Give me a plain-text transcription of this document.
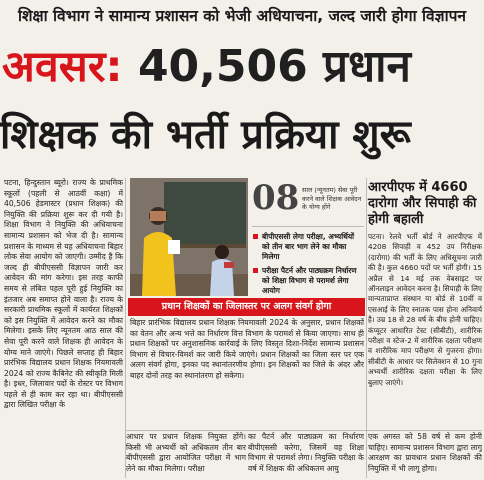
शिक्षा विभाग ने सामान्य प्रशासन को भेजी अधियाचना, जल्द जारी होगा विज्ञापन
अवसर: 40,506 प्रधान
शिक्षक की भर्ती प्रक्रिया शुरू
पटना, हिन्दुस्तान ब्यूरो। राज्य के प्राथमिक स्कूलों (पहली से आठवीं कक्षा) में 40,506 हेडमास्टर (प्रधान शिक्षक) की नियुक्ति की प्रक्रिया शुरू कर दी गयी है। शिक्षा विभाग ने नियुक्ति की अधियाचना सामान्य प्रशासन को भेज दी है। सामान्य प्रशासन के माध्यम से यह अधियाचना बिहार लोक सेवा आयोग को जाएगी। उम्मीद है कि जल्द ही बीपीएससी विज्ञापन जारी कर आवेदन की मांग करेगा। इस तरह काफी समय से लंबित पहल पूरी हुई नियुक्ति का इंतजार अब समाप्त होने वाला है। राज्य के सरकारी प्राथमिक स्कूलों में कार्यरत शिक्षकों को इस नियुक्ति में आवेदन करने का मौका मिलेगा। इसके लिए न्यूनतम आठ साल की सेवा पूरी करने वाले शिक्षक ही आवेदन के योग्य माने जाएंगे। पिछले सप्ताह ही बिहार प्रारंभिक विद्यालय प्रधान शिक्षक नियमावली 2024 को राज्य कैबिनेट की स्वीकृति मिली है। इधर, जिलावार पदों के रोस्टर पर विभाग पहले से ही काम कर रहा था। बीपीएससी द्वारा लिखित परीक्षा के
08 साल (न्यूनतम) सेवा पूरी करने वाले शिक्षक आवेदन के योग्य होंगे
बीपीएससी लेगा परीक्षा, अभ्यर्थियों को तीन बार भाग लेने का मौका मिलेगा
परीक्षा पैटर्न और पाठ्यक्रम निर्धारण को शिक्षा विभाग से परामर्श लेगा आयोग
आरपीएफ में 4660 दारोगा और सिपाही की होगी बहाली
पटना। रेलवे भर्ती बोर्ड ने आरपीएफ में 4208 सिपाही व 452 उप निरीक्षक (दारोगा) की भर्ती के लिए अधिसूचना जारी की है। कुल 4660 पदों पर भर्ती होगी। 15 अप्रैल से 14 मई तक वेबसाइट पर ऑनलाइन आवेदन करना है। सिपाही के लिए मान्यताप्राप्त संस्थान या बोर्ड से 10वीं व एसआई के लिए स्नातक पास होना अनिवार्य है। उम्र 18 से 28 वर्ष के बीच होनी चाहिए। कंप्यूटर आधारित टेस्ट (सीबीटी), शारीरिक परीक्षा व स्टेज-2 में शारीरिक दक्षता परीक्षण व शारीरिक माप परीक्षण से गुजरना होगा। सीबीटी के आधार पर सिलेक्शन से 10 गुना अभ्यर्थी शारीरिक दक्षता परीक्षा के लिए बुलाए जाएंगे।
प्रधान शिक्षकों का जिलास्तर पर अलग संवर्ग होगा
बिहार प्रारंभिक विद्यालय प्रधान शिक्षक नियमावली 2024 के अनुसार, प्रधान शिक्षकों का वेतन और अन्य भत्ते का निर्धारण वित्त विभाग के परामर्श से किया जाएगा। साथ ही प्रधान शिक्षकों पर अनुशासनिक कार्रवाई के लिए विस्तृत दिशा-निर्देश सामान्य प्रशासन विभाग से विचार-विमर्श कर जारी किये जाएंगे। प्रधान शिक्षकों का जिला स्तर पर एक अलग संवर्ग होगा, इनका पद स्थानांतरणीय होगा। इन शिक्षकों का जिले के अंदर और बाहर दोनों तरह का स्थानांतरण हो सकेगा।
आधार पर प्रधान शिक्षक नियुक्त होंगे। किसी भी अभ्यर्थी को अधिकतम तीन बार बीपीएससी द्वारा आयोजित परीक्षा में भाग लेने का मौका मिलेगा। परीक्षा
का पैटर्न और पाठ्यक्रम का निर्धारण बीपीएससी करेगा, जिसमें वह शिक्षा विभाग से परामर्श लेगा। नियुक्ति परीक्षा के वर्ष में शिक्षक की अधिकतम आयु
एक अगस्त को 58 वर्ष से कम होनी चाहिए। सामान्य प्रशासन विभाग द्वारा लागू आरक्षण का प्रावधान प्रधान शिक्षकों की नियुक्ति में भी लागू होगा।
